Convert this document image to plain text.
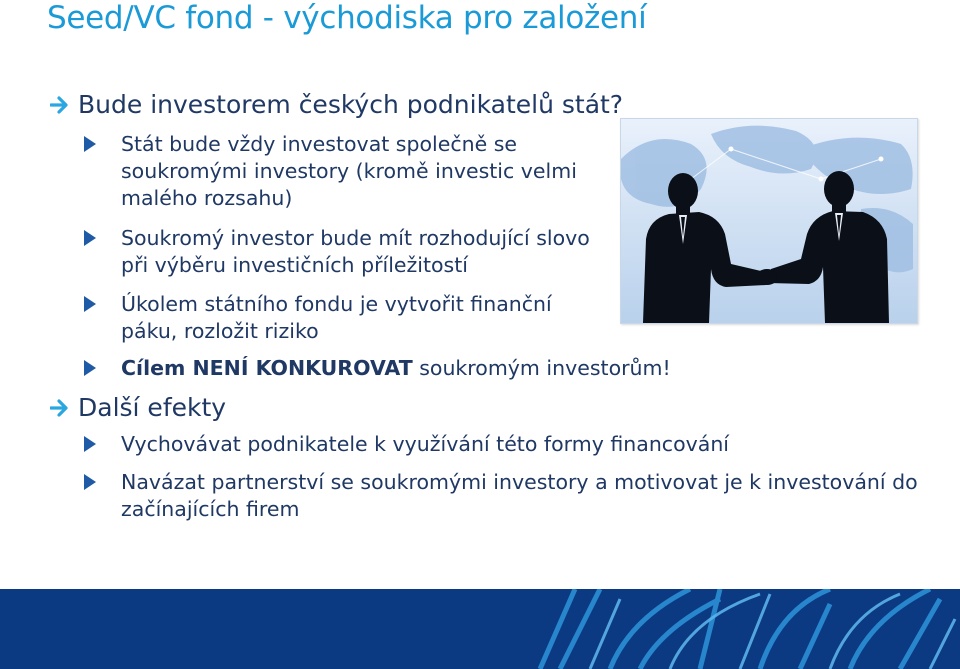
Seed/VC fond - východiska pro založení
Bude investorem českých podnikatelů stát?
Stát bude vždy investovat společně se
soukromými investory (kromě investic velmi
malého rozsahu)
Soukromý investor bude mít rozhodující slovo
při výběru investičních příležitostí
Úkolem státního fondu je vytvořit finanční
páku, rozložit riziko
Cílem NENÍ KONKUROVAT soukromým investorům!
Další efekty
Vychovávat podnikatele k využívání této formy financování
Navázat partnerství se soukromými investory a motivovat je k investování do
začínajících firem
